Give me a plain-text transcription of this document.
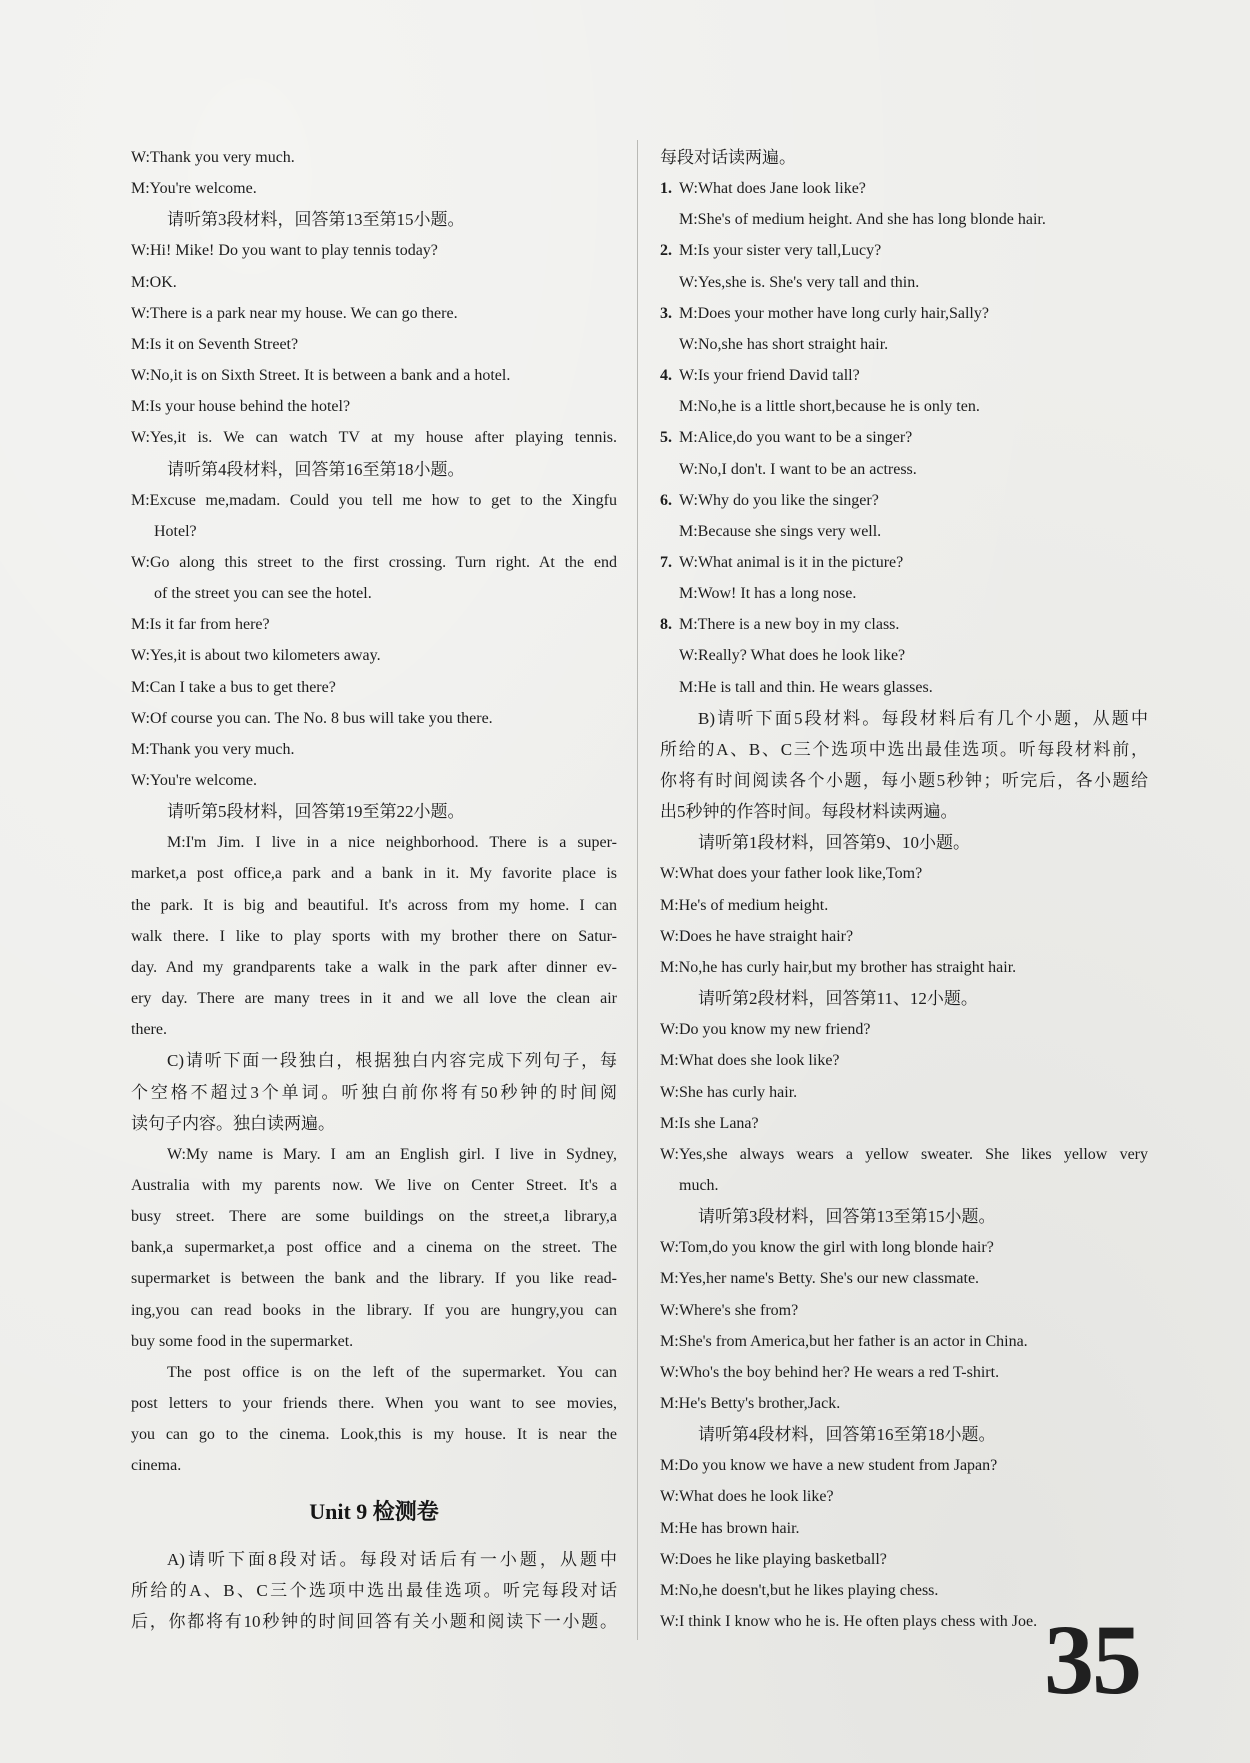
W:Thank you very much.
M:You're welcome.
请听第3段材料，回答第13至第15小题。
W:Hi! Mike! Do you want to play tennis today?
M:OK.
W:There is a park near my house. We can go there.
M:Is it on Seventh Street?
W:No,it is on Sixth Street. It is between a bank and a hotel.
M:Is your house behind the hotel?
W:Yes,it is. We can watch TV at my house after playing tennis.
请听第4段材料，回答第16至第18小题。
M:Excuse me,madam. Could you tell me how to get to the Xingfu
Hotel?
W:Go along this street to the first crossing. Turn right. At the end
of the street you can see the hotel.
M:Is it far from here?
W:Yes,it is about two kilometers away.
M:Can I take a bus to get there?
W:Of course you can. The No. 8 bus will take you there.
M:Thank you very much.
W:You're welcome.
请听第5段材料，回答第19至第22小题。
M:I'm Jim. I live in a nice neighborhood. There is a super-
market,a post office,a park and a bank in it. My favorite place is
the park. It is big and beautiful. It's across from my home. I can
walk there. I like to play sports with my brother there on Satur-
day. And my grandparents take a walk in the park after dinner ev-
ery day. There are many trees in it and we all love the clean air
there.
C)请听下面一段独白，根据独白内容完成下列句子，每
个空格不超过3个单词。听独白前你将有50秒钟的时间阅
读句子内容。独白读两遍。
W:My name is Mary. I am an English girl. I live in Sydney,
Australia with my parents now. We live on Center Street. It's a
busy street. There are some buildings on the street,a library,a
bank,a supermarket,a post office and a cinema on the street. The
supermarket is between the bank and the library. If you like read-
ing,you can read books in the library. If you are hungry,you can
buy some food in the supermarket.
The post office is on the left of the supermarket. You can
post letters to your friends there. When you want to see movies,
you can go to the cinema. Look,this is my house. It is near the
cinema.
Unit 9 检测卷
A)请听下面8段对话。每段对话后有一小题，从题中
所给的A、B、C三个选项中选出最佳选项。听完每段对话
后，你都将有10秒钟的时间回答有关小题和阅读下一小题。
每段对话读两遍。
1. W:What does Jane look like?
M:She's of medium height. And she has long blonde hair.
2. M:Is your sister very tall,Lucy?
W:Yes,she is. She's very tall and thin.
3. M:Does your mother have long curly hair,Sally?
W:No,she has short straight hair.
4. W:Is your friend David tall?
M:No,he is a little short,because he is only ten.
5. M:Alice,do you want to be a singer?
W:No,I don't. I want to be an actress.
6. W:Why do you like the singer?
M:Because she sings very well.
7. W:What animal is it in the picture?
M:Wow! It has a long nose.
8. M:There is a new boy in my class.
W:Really? What does he look like?
M:He is tall and thin. He wears glasses.
B)请听下面5段材料。每段材料后有几个小题，从题中
所给的A、B、C三个选项中选出最佳选项。听每段材料前，
你将有时间阅读各个小题，每小题5秒钟；听完后，各小题给
出5秒钟的作答时间。每段材料读两遍。
请听第1段材料，回答第9、10小题。
W:What does your father look like,Tom?
M:He's of medium height.
W:Does he have straight hair?
M:No,he has curly hair,but my brother has straight hair.
请听第2段材料，回答第11、12小题。
W:Do you know my new friend?
M:What does she look like?
W:She has curly hair.
M:Is she Lana?
W:Yes,she always wears a yellow sweater. She likes yellow very
much.
请听第3段材料，回答第13至第15小题。
W:Tom,do you know the girl with long blonde hair?
M:Yes,her name's Betty. She's our new classmate.
W:Where's she from?
M:She's from America,but her father is an actor in China.
W:Who's the boy behind her? He wears a red T-shirt.
M:He's Betty's brother,Jack.
请听第4段材料，回答第16至第18小题。
M:Do you know we have a new student from Japan?
W:What does he look like?
M:He has brown hair.
W:Does he like playing basketball?
M:No,he doesn't,but he likes playing chess.
W:I think I know who he is. He often plays chess with Joe. 35
